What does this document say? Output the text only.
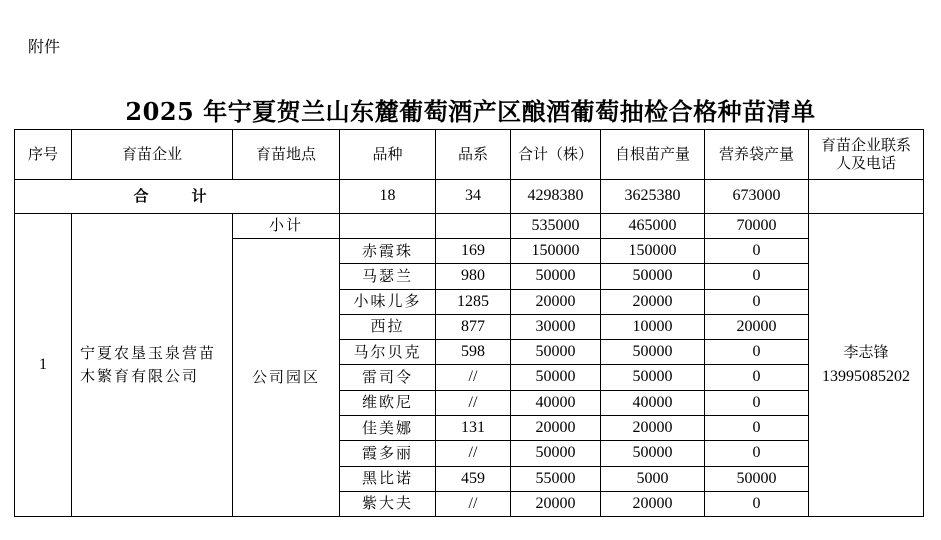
附件
2025 年宁夏贺兰山东麓葡萄酒产区酿酒葡萄抽检合格种苗清单
序号	育苗企业	育苗地点	品种	品系	合计（株）	自根苗产量	营养袋产量	育苗企业联系人及电话
合　计			18	34	4298380	3625380	673000	
1	宁夏农垦玉泉营苗木繁育有限公司	小计			535000	465000	70000	李志锋
13995085202

		公司园区	赤霞珠	169	150000	150000	0	
			马瑟兰	980	50000	50000	0	
			小味儿多	1285	20000	20000	0	
			西拉	877	30000	10000	20000	
			马尔贝克	598	50000	50000	0	
			雷司令	//	50000	50000	0	
			维欧尼	//	40000	40000	0	
			佳美娜	131	20000	20000	0	
			霞多丽	//	50000	50000	0	
			黑比诺	459	55000	5000	50000	
			紫大夫	//	20000	20000	0	
